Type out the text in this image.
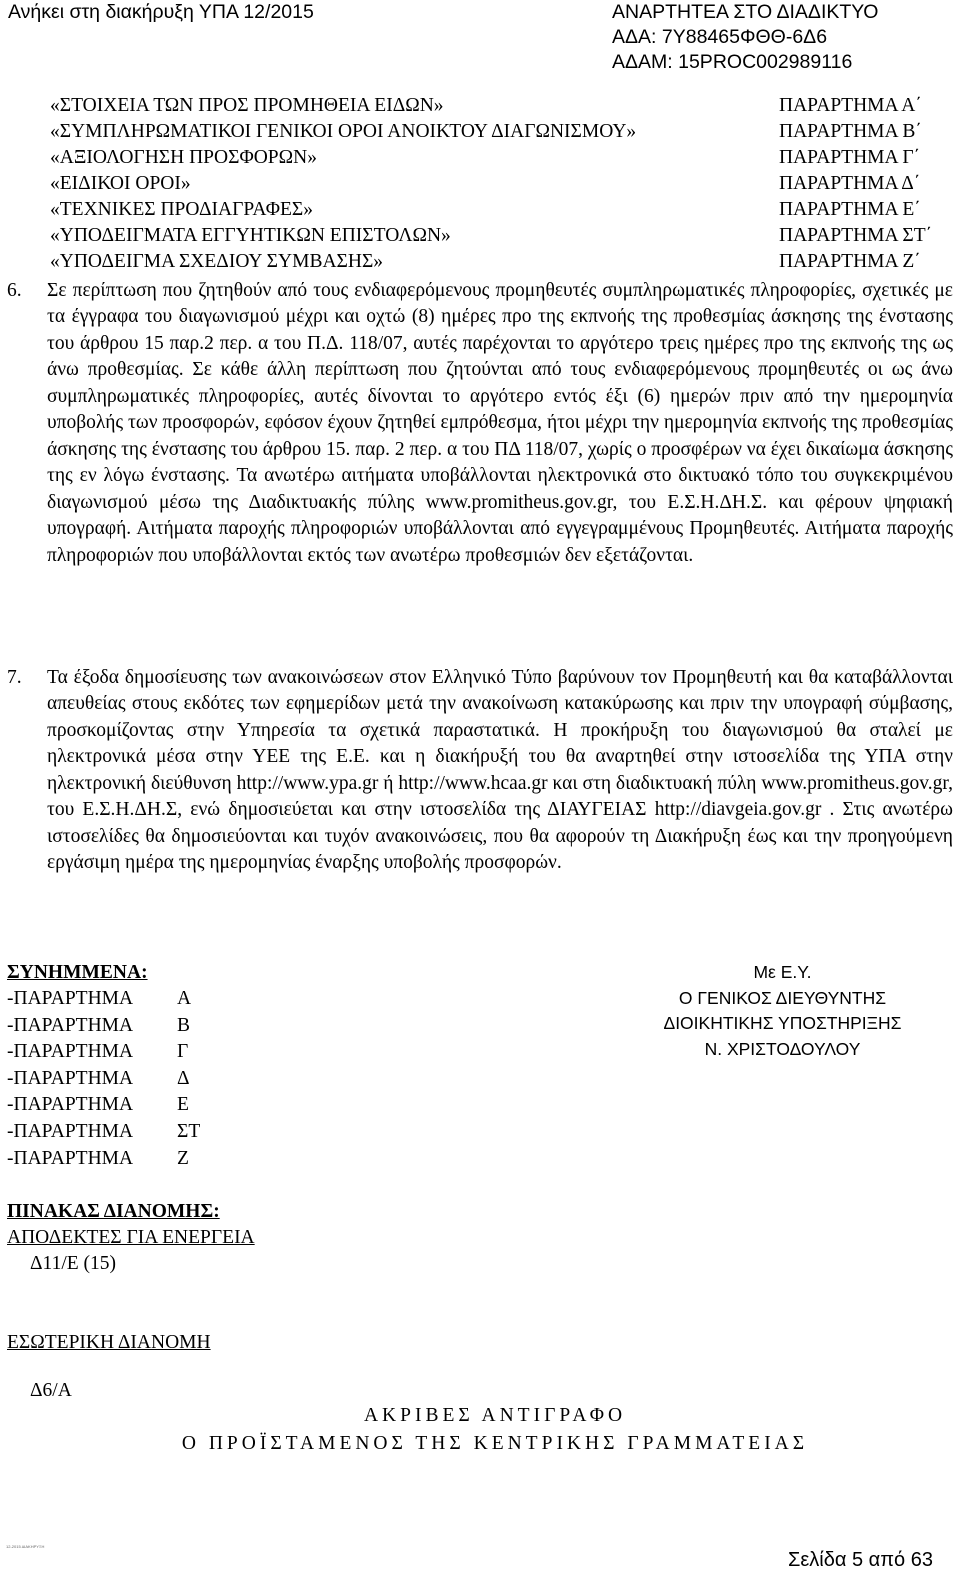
Ανήκει στη διακήρυξη ΥΠΑ 12/2015	ΑΝΑΡΤΗΤΕΑ ΣΤΟ ΔΙΑΔΙΚΤΥΟ
ΑΔΑ: 7Υ88465ΦΘΘ-6Δ6
ΑΔΑΜ: 15PROC002989116
«ΣΤΟΙΧΕΙΑ ΤΩΝ ΠΡΟΣ ΠΡΟΜΗΘΕΙΑ ΕΙΔΩΝ»	ΠΑΡΑΡΤΗΜΑ Α΄
«ΣΥΜΠΛΗΡΩΜΑΤΙΚΟΙ ΓΕΝΙΚΟΙ ΟΡΟΙ ΑΝΟΙΚΤΟΥ ΔΙΑΓΩΝΙΣΜΟΥ»	ΠΑΡΑΡΤΗΜΑ Β΄
«ΑΞΙΟΛΟΓΗΣΗ ΠΡΟΣΦΟΡΩΝ»	ΠΑΡΑΡΤΗΜΑ Γ΄
«ΕΙΔΙΚΟΙ ΟΡΟΙ»	ΠΑΡΑΡΤΗΜΑ Δ΄
«ΤΕΧΝΙΚΕΣ ΠΡΟΔΙΑΓΡΑΦΕΣ»	ΠΑΡΑΡΤΗΜΑ Ε΄
«ΥΠΟΔΕΙΓΜΑΤΑ ΕΓΓΥΗΤΙΚΩΝ ΕΠΙΣΤΟΛΩΝ»	ΠΑΡΑΡΤΗΜΑ ΣΤ΄
«ΥΠΟΔΕΙΓΜΑ ΣΧΕΔΙΟΥ ΣΥΜΒΑΣΗΣ»	ΠΑΡΑΡΤΗΜΑ Ζ΄
6. Σε περίπτωση που ζητηθούν από τους ενδιαφερόμενους προμηθευτές συμπληρωματικές πληροφορίες, σχετικές με τα έγγραφα του διαγωνισμού μέχρι και οχτώ (8) ημέρες προ της εκπνοής της προθεσμίας άσκησης της ένστασης του άρθρου 15 παρ.2 περ. α του Π.Δ. 118/07, αυτές παρέχονται το αργότερο τρεις ημέρες προ της εκπνοής της ως άνω προθεσμίας. Σε κάθε άλλη περίπτωση που ζητούνται από τους ενδιαφερόμενους προμηθευτές οι ως άνω συμπληρωματικές πληροφορίες, αυτές δίνονται το αργότερο εντός έξι (6) ημερών πριν από την ημερομηνία υποβολής των προσφορών, εφόσον έχουν ζητηθεί εμπρόθεσμα, ήτοι μέχρι την ημερομηνία εκπνοής της προθεσμίας άσκησης της ένστασης του άρθρου 15. παρ. 2 περ. α του ΠΔ 118/07, χωρίς ο προσφέρων να έχει δικαίωμα άσκησης της εν λόγω ένστασης. Τα ανωτέρω αιτήματα υποβάλλονται ηλεκτρονικά στο δικτυακό τόπο του συγκεκριμένου διαγωνισμού μέσω της Διαδικτυακής πύλης www.promitheus.gov.gr, του Ε.Σ.Η.ΔΗ.Σ. και φέρουν ψηφιακή υπογραφή. Αιτήματα παροχής πληροφοριών υποβάλλονται από εγγεγραμμένους Προμηθευτές. Αιτήματα παροχής πληροφοριών που υποβάλλονται εκτός των ανωτέρω προθεσμιών δεν εξετάζονται.

7. Τα έξοδα δημοσίευσης των ανακοινώσεων στον Ελληνικό Τύπο βαρύνουν τον Προμηθευτή και θα καταβάλλονται απευθείας στους εκδότες των εφημερίδων μετά την ανακοίνωση κατακύρωσης και πριν την υπογραφή σύμβασης, προσκομίζοντας στην Υπηρεσία τα σχετικά παραστατικά. Η προκήρυξη του διαγωνισμού θα σταλεί με ηλεκτρονικά μέσα στην ΥΕΕ της Ε.Ε. και η διακήρυξή του θα αναρτηθεί στην ιστοσελίδα της ΥΠΑ στην ηλεκτρονική διεύθυνση http://www.ypa.gr ή http://www.hcaa.gr και στη διαδικτυακή πύλη www.promitheus.gov.gr, του Ε.Σ.Η.ΔΗ.Σ, ενώ δημοσιεύεται και στην ιστοσελίδα της ΔΙΑΥΓΕΙΑΣ http://diavgeia.gov.gr . Στις ανωτέρω ιστοσελίδες θα δημοσιεύονται και τυχόν ανακοινώσεις, που θα αφορούν τη Διακήρυξη έως και την προηγούμενη εργάσιμη ημέρα της ημερομηνίας έναρξης υποβολής προσφορών.

ΣΥΝΗΜΜΕΝΑ:
-ΠΑΡΑΡΤΗΜΑ Α
-ΠΑΡΑΡΤΗΜΑ Β
-ΠΑΡΑΡΤΗΜΑ Γ
-ΠΑΡΑΡΤΗΜΑ Δ
-ΠΑΡΑΡΤΗΜΑ Ε
-ΠΑΡΑΡΤΗΜΑ ΣΤ
-ΠΑΡΑΡΤΗΜΑ Ζ
Με Ε.Υ.
Ο ΓΕΝΙΚΟΣ ΔΙΕΥΘΥΝΤΗΣ
ΔΙΟΙΚΗΤΙΚΗΣ ΥΠΟΣΤΗΡΙΞΗΣ
Ν. ΧΡΙΣΤΟΔΟΥΛΟΥ
ΠΙΝΑΚΑΣ ΔΙΑΝΟΜΗΣ:
ΑΠΟΔΕΚΤΕΣ ΓΙΑ ΕΝΕΡΓΕΙΑ
Δ11/Ε (15)
ΕΣΩΤΕΡΙΚΗ ΔΙΑΝΟΜΗ
Δ6/Α
ΑΚΡΙΒΕΣ ΑΝΤΙΓΡΑΦΟ
Ο ΠΡΟΪΣΤΑΜΕΝΟΣ ΤΗΣ ΚΕΝΤΡΙΚΗΣ ΓΡΑΜΜΑΤΕΙΑΣ
12-2015 ΔΙΑΚΗΡΥΞΗ
Σελίδα 5 από 63
